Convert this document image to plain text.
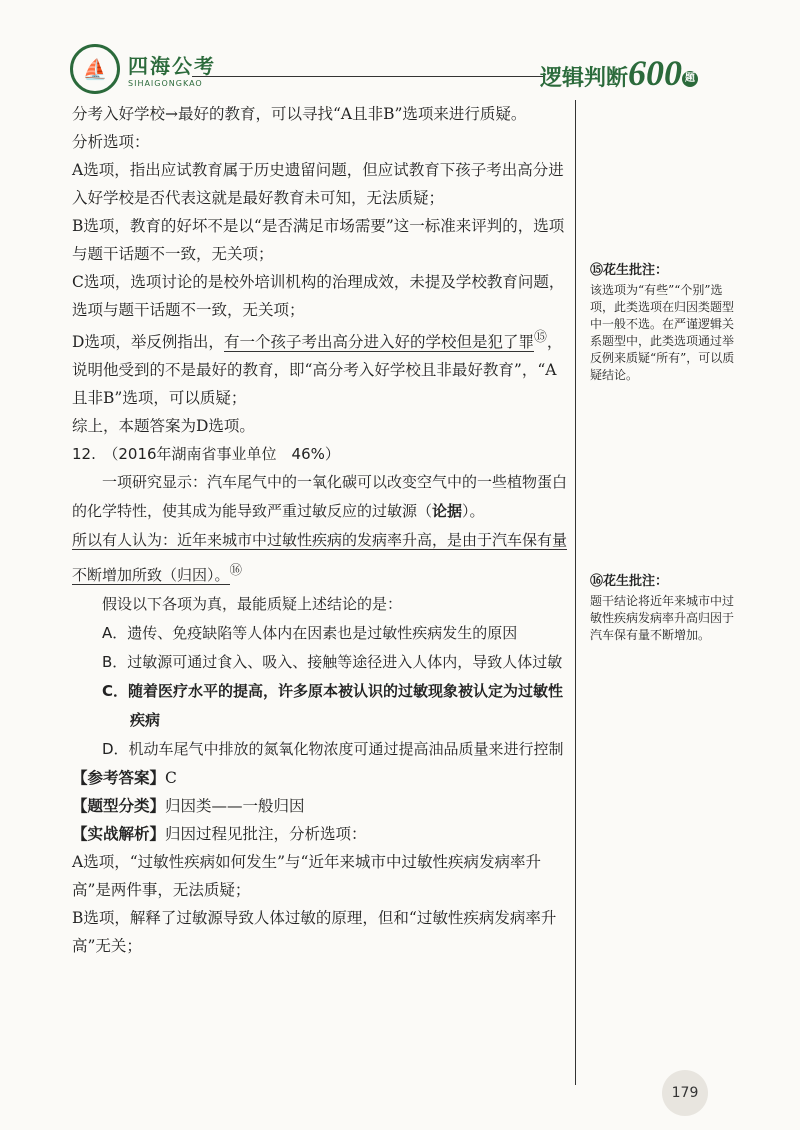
⛵	四海公考
SIHAIGONGKAO	逻辑判断600 题

分考入好学校→最好的教育，可以寻找“A且非B”选项来进行质疑。

分析选项：

A选项，指出应试教育属于历史遗留问题，但应试教育下孩子考出高分进入好学校是否代表这就是最好教育未可知，无法质疑；

B选项，教育的好坏不是以“是否满足市场需要”这一标准来评判的，选项与题干话题不一致，无关项；

C选项，选项讨论的是校外培训机构的治理成效，未提及学校教育问题，选项与题干话题不一致，无关项；

D选项，举反例指出，有一个孩子考出高分进入好的学校但是犯了罪⑮，说明他受到的不是最好的教育，即“高分考入好学校且非最好教育”，“A且非B”选项，可以质疑；

综上，本题答案为D选项。

12.　（2016年湖南省事业单位　46%）

一项研究显示：汽车尾气中的一氧化碳可以改变空气中的一些植物蛋白的化学特性，使其成为能导致严重过敏反应的过敏源（论据）。

所以有人认为：近年来城市中过敏性疾病的发病率升高，是由于汽车保有量不断增加所致（归因）。⑯

假设以下各项为真，最能质疑上述结论的是：

A．遗传、免疫缺陷等人体内在因素也是过敏性疾病发生的原因
B．过敏源可通过食入、吸入、接触等途径进入人体内，导致人体过敏
C．随着医疗水平的提高，许多原本被认识的过敏现象被认定为过敏性疾病
D．机动车尾气中排放的氮氧化物浓度可通过提高油品质量来进行控制

【参考答案】C

【题型分类】归因类——一般归因

【实战解析】归因过程见批注，分析选项：

A选项，“过敏性疾病如何发生”与“近年来城市中过敏性疾病发病率升高”是两件事，无法质疑；

B选项，解释了过敏源导致人体过敏的原理，但和“过敏性疾病发病率升高”无关；

⑮花生批注：
该选项为“有些”“个别”选项，此类选项在归因类题型中一般不选。在严谨逻辑关系题型中，此类选项通过举反例来质疑“所有”，可以质疑结论。
⑯花生批注：
题干结论将近年来城市中过敏性疾病发病率升高归因于汽车保有量不断增加。
179
